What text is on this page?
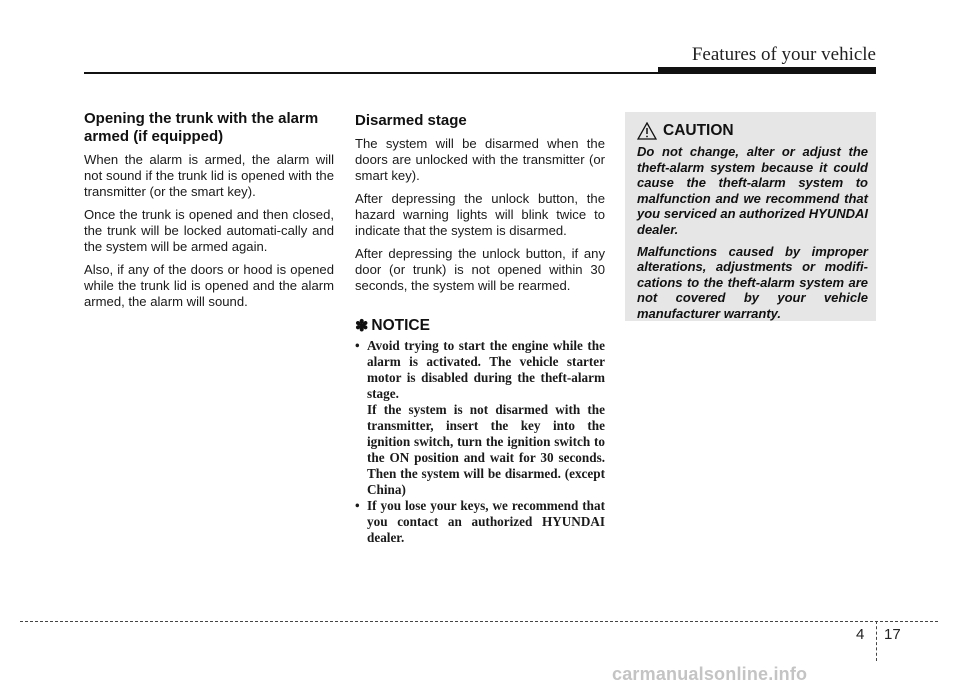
Features of your vehicle
Opening the trunk with the alarm
armed (if equipped)

When the alarm is armed, the alarm will not sound if the trunk lid is opened with the transmitter (or the smart key).

Once the trunk is opened and then closed, the trunk will be locked automati-cally and the system will be armed again.

Also, if any of the doors or hood is opened while the trunk lid is opened and the alarm armed, the alarm will sound.

Disarmed stage

The system will be disarmed when the doors are unlocked with the transmitter (or smart key).

After depressing the unlock button, the hazard warning lights will blink twice to indicate that the system is disarmed.

After depressing the unlock button, if any door (or trunk) is not opened within 30 seconds, the system will be rearmed.

✽ NOTICE
• Avoid trying to start the engine while the alarm is activated. The vehicle starter motor is disabled during the theft-alarm stage.
If the system is not disarmed with the transmitter, insert the key into the ignition switch, turn the ignition switch to the ON position and wait for 30 seconds. Then the system will be disarmed. (except China)
• If you lose your keys, we recommend that you contact an authorized HYUNDAI dealer.
CAUTION

Do not change, alter or adjust the theft-alarm system because it could cause the theft-alarm system to malfunction and we recommend that you serviced an authorized HYUNDAI dealer.

Malfunctions caused by improper alterations, adjustments or modifi-cations to the theft-alarm system are not covered by your vehicle manufacturer warranty.

4 17
carmanualsonline.info
